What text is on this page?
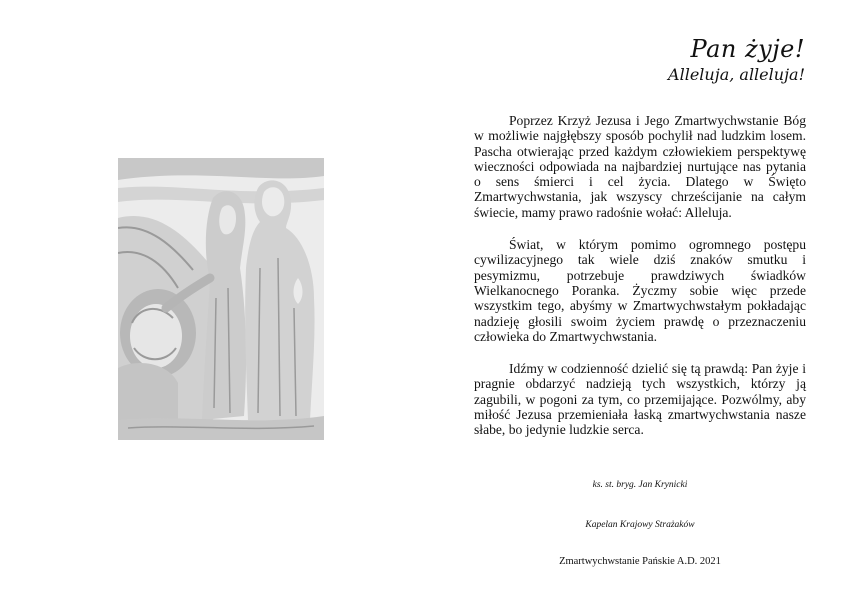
Pan żyje!
Alleluja, alleluja!

Poprzez Krzyż Jezusa i Jego Zmartwychwstanie Bóg w możliwie najgłębszy sposób pochylił nad ludzkim losem. Pascha otwierając przed każdym człowiekiem perspektywę wieczności odpowiada na najbardziej nurtujące nas pytania o sens śmierci i cel życia. Dlatego w Święto Zmartwychwstania, jak wszyscy chrześcijanie na całym świecie, mamy prawo radośnie wołać: Alleluja.

Świat, w którym pomimo ogromnego postępu cywilizacyjnego tak wiele dziś znaków smutku i pesymizmu, potrzebuje prawdziwych świadków Wielkanocnego Poranka. Życzmy sobie więc przede wszystkim tego, abyśmy w Zmartwychwstałym pokładając nadzieję głosili swoim życiem prawdę o przeznaczeniu człowieka do Zmartwychwstania.

Idźmy w codzienność dzielić się tą prawdą: Pan żyje i pragnie obdarzyć nadzieją tych wszystkich, którzy ją zagubili, w pogoni za tym, co przemijające. Pozwólmy, aby miłość Jezusa przemieniała łaską zmartwychwstania nasze słabe, bo jedynie ludzkie serca.

ks. st. bryg. Jan Krynicki
Kapelan Krajowy Strażaków
Zmartwychwstanie Pańskie A.D. 2021
